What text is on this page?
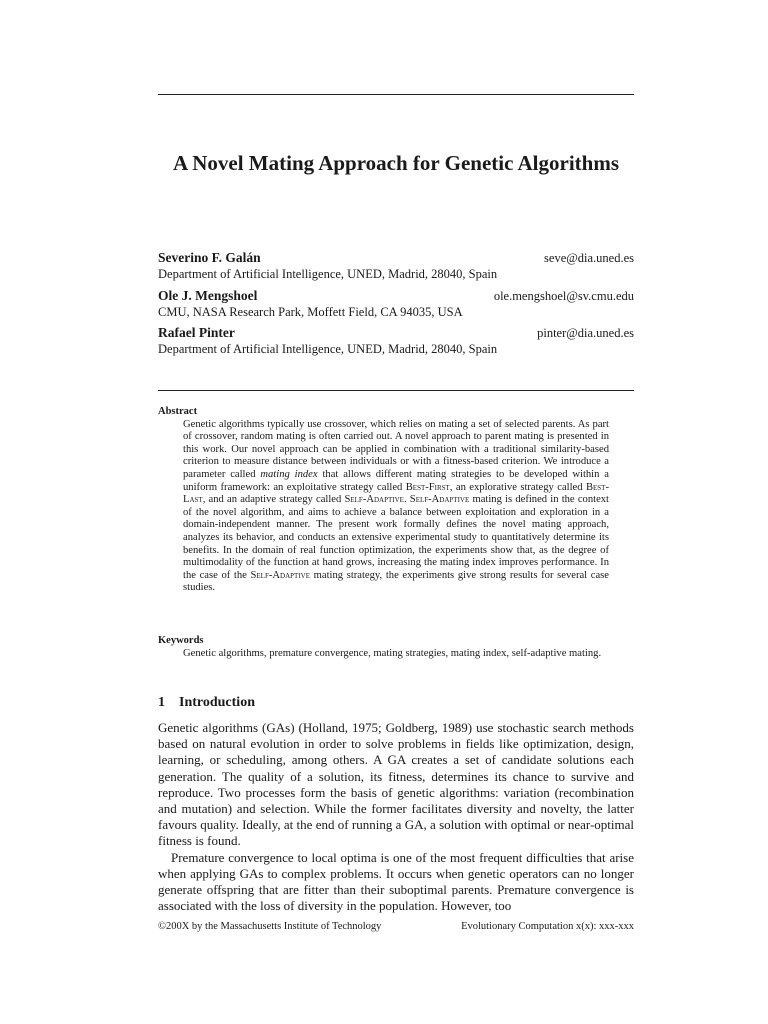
A Novel Mating Approach for Genetic Algorithms
Severino F. Galán	seve@dia.uned.es
Department of Artificial Intelligence, UNED, Madrid, 28040, Spain
Ole J. Mengshoel	ole.mengshoel@sv.cmu.edu
CMU, NASA Research Park, Moffett Field, CA 94035, USA
Rafael Pinter	pinter@dia.uned.es
Department of Artificial Intelligence, UNED, Madrid, 28040, Spain
Abstract
Genetic algorithms typically use crossover, which relies on mating a set of selected parents. As part of crossover, random mating is often carried out. A novel approach to parent mating is presented in this work. Our novel approach can be applied in combination with a traditional similarity-based criterion to measure distance between individuals or with a fitness-based criterion. We introduce a parameter called mating index that allows different mating strategies to be developed within a uniform framework: an exploitative strategy called Best-First, an explorative strategy called Best-Last, and an adaptive strategy called Self-Adaptive. Self-Adaptive mating is defined in the context of the novel algorithm, and aims to achieve a balance between exploitation and exploration in a domain-independent manner. The present work formally defines the novel mating approach, analyzes its behavior, and conducts an extensive experimental study to quantitatively determine its benefits. In the domain of real function optimization, the experiments show that, as the degree of multimodality of the function at hand grows, increasing the mating index improves performance. In the case of the Self-Adaptive mating strategy, the experiments give strong results for several case studies.
Keywords
Genetic algorithms, premature convergence, mating strategies, mating index, self-adaptive mating.
1 Introduction

Genetic algorithms (GAs) (Holland, 1975; Goldberg, 1989) use stochastic search methods based on natural evolution in order to solve problems in fields like optimization, design, learning, or scheduling, among others. A GA creates a set of candidate solutions each generation. The quality of a solution, its fitness, determines its chance to survive and reproduce. Two processes form the basis of genetic algorithms: variation (recombination and mutation) and selection. While the former facilitates diversity and novelty, the latter favours quality. Ideally, at the end of running a GA, a solution with optimal or near-optimal fitness is found.

Premature convergence to local optima is one of the most frequent difficulties that arise when applying GAs to complex problems. It occurs when genetic operators can no longer generate offspring that are fitter than their suboptimal parents. Premature convergence is associated with the loss of diversity in the population. However, too

©200X by the Massachusetts Institute of Technology	Evolutionary Computation x(x): xxx-xxx
